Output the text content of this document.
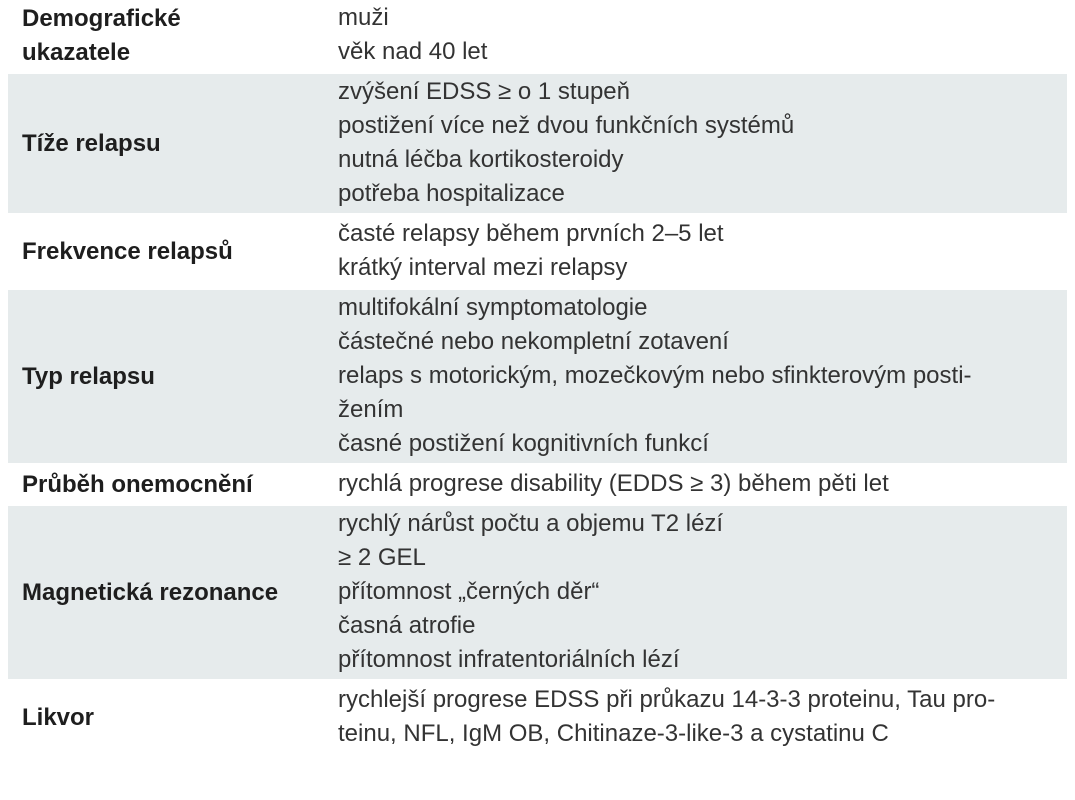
Demografické
ukazatele
muži
věk nad 40 let
Tíže relapsu
zvýšení EDSS ≥ o 1 stupeň
postižení více než dvou funkčních systémů
nutná léčba kortikosteroidy
potřeba hospitalizace
Frekvence relapsů
časté relapsy během prvních 2–5 let
krátký interval mezi relapsy
Typ relapsu
multifokální symptomatologie
částečné nebo nekompletní zotavení
relaps s motorickým, mozečkovým nebo sfinkterovým posti-
žením
časné postižení kognitivních funkcí
Průběh onemocnění	rychlá progrese disability (EDDS ≥ 3) během pěti let
Magnetická rezonance
rychlý nárůst počtu a objemu T2 lézí
≥ 2 GEL
přítomnost „černých děr“
časná atrofie
přítomnost infratentoriálních lézí
Likvor
rychlejší progrese EDSS při průkazu 14-3-3 proteinu, Tau pro-
teinu, NFL, IgM OB, Chitinaze-3-like-3 a cystatinu C
